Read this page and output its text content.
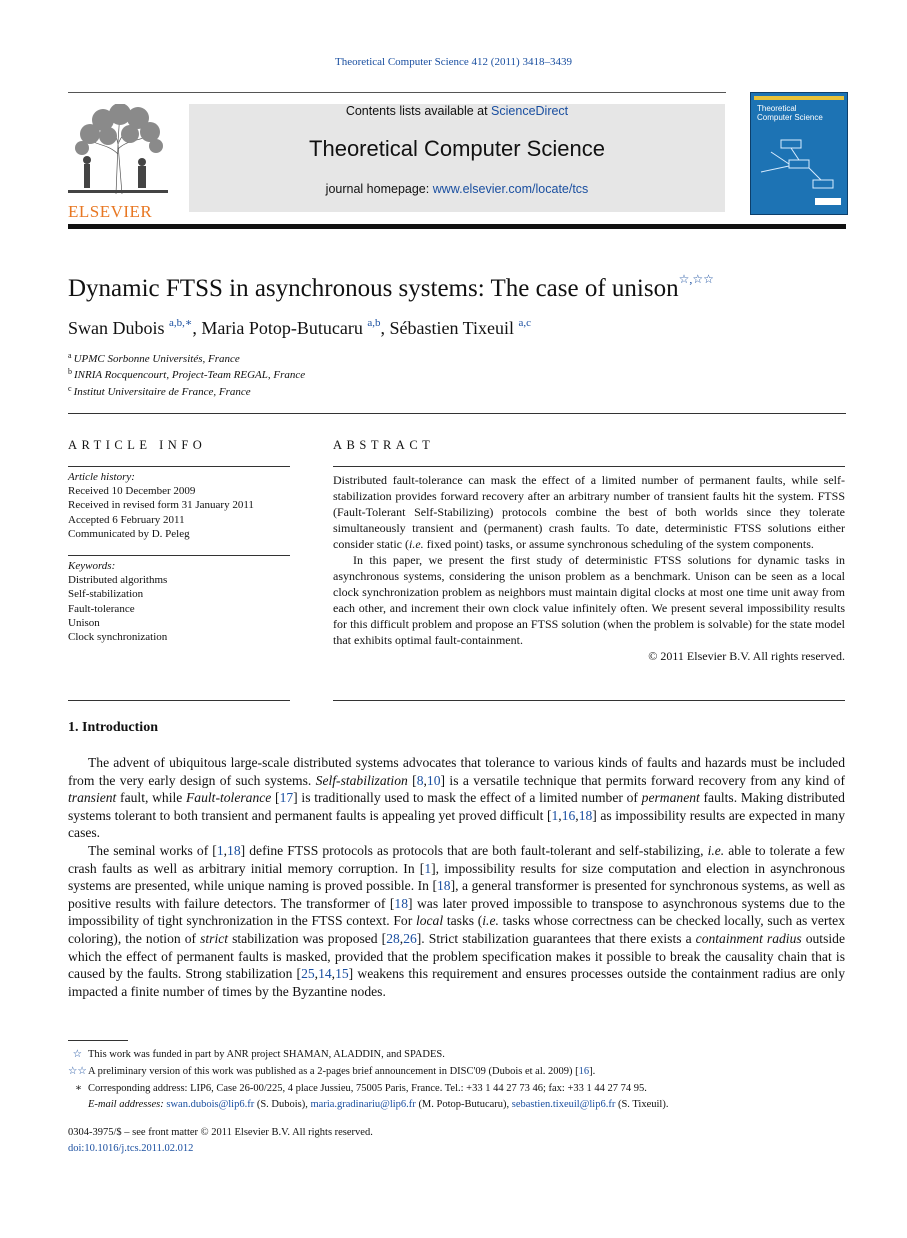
Theoretical Computer Science 412 (2011) 3418–3439
ELSEVIER
Contents lists available at ScienceDirect
Theoretical Computer Science
journal homepage: www.elsevier.com/locate/tcs
Theoretical
Computer Science
Dynamic FTSS in asynchronous systems: The case of unison☆,☆☆
Swan Dubois $^{a,b,∗}$, Maria Potop-Butucaru $^{a,b}$, Sébastien Tixeuil $^{a,c}$
$^a$ UPMC Sorbonne Universités, France
$^b$ INRIA Rocquencourt, Project-Team REGAL, France
$^c$ Institut Universitaire de France, France
ARTICLE INFO	ABSTRACT
Article history:
Received 10 December 2009
Received in revised form 31 January 2011
Accepted 6 February 2011
Communicated by D. Peleg
Keywords:
Distributed algorithms
Self-stabilization
Fault-tolerance
Unison
Clock synchronization

Distributed fault-tolerance can mask the effect of a limited number of permanent faults, while self-stabilization provides forward recovery after an arbitrary number of transient faults hit the system. FTSS (Fault-Tolerant Self-Stabilizing) protocols combine the best of both worlds since they tolerate simultaneously transient and (permanent) crash faults. To date, deterministic FTSS solutions either consider static (i.e. fixed point) tasks, or assume synchronous scheduling of the system components.

In this paper, we present the first study of deterministic FTSS solutions for dynamic tasks in asynchronous systems, considering the unison problem as a benchmark. Unison can be seen as a local clock synchronization problem as neighbors must maintain digital clocks at most one time unit away from each other, and increment their own clock value infinitely often. We present several impossibility results for this difficult problem and propose an FTSS solution (when the problem is solvable) for the state model that exhibits optimal fault-containment.

© 2011 Elsevier B.V. All rights reserved.
1. Introduction

The advent of ubiquitous large-scale distributed systems advocates that tolerance to various kinds of faults and hazards must be included from the very early design of such systems. Self-stabilization [8,10] is a versatile technique that permits forward recovery from any kind of transient fault, while Fault-tolerance [17] is traditionally used to mask the effect of a limited number of permanent faults. Making distributed systems tolerant to both transient and permanent faults is appealing yet proved difficult [1,16,18] as impossibility results are expected in many cases.

The seminal works of [1,18] define FTSS protocols as protocols that are both fault-tolerant and self-stabilizing, i.e. able to tolerate a few crash faults as well as arbitrary initial memory corruption. In [1], impossibility results for size computation and election in asynchronous systems are presented, while unique naming is proved possible. In [18], a general transformer is presented for synchronous systems, as well as positive results with failure detectors. The transformer of [18] was later proved impossible to transpose to asynchronous systems due to the impossibility of tight synchronization in the FTSS context. For local tasks (i.e. tasks whose correctness can be checked locally, such as vertex coloring), the notion of strict stabilization was proposed [28,26]. Strict stabilization guarantees that there exists a containment radius outside which the effect of permanent faults is masked, provided that the problem specification makes it possible to break the causality chain that is caused by the faults. Strong stabilization [25,14,15] weakens this requirement and ensures processes outside the containment radius are only impacted a finite number of times by the Byzantine nodes.

☆ This work was funded in part by ANR project SHAMAN, ALADDIN, and SPADES.
☆☆ A preliminary version of this work was published as a 2-pages brief announcement in DISC'09 (Dubois et al. 2009) [16].
∗ Corresponding address: LIP6, Case 26-00/225, 4 place Jussieu, 75005 Paris, France. Tel.: +33 1 44 27 73 46; fax: +33 1 44 27 74 95.
E-mail addresses: swan.dubois@lip6.fr (S. Dubois), maria.gradinariu@lip6.fr (M. Potop-Butucaru), sebastien.tixeuil@lip6.fr (S. Tixeuil).
0304-3975/$ – see front matter © 2011 Elsevier B.V. All rights reserved.
doi:10.1016/j.tcs.2011.02.012
